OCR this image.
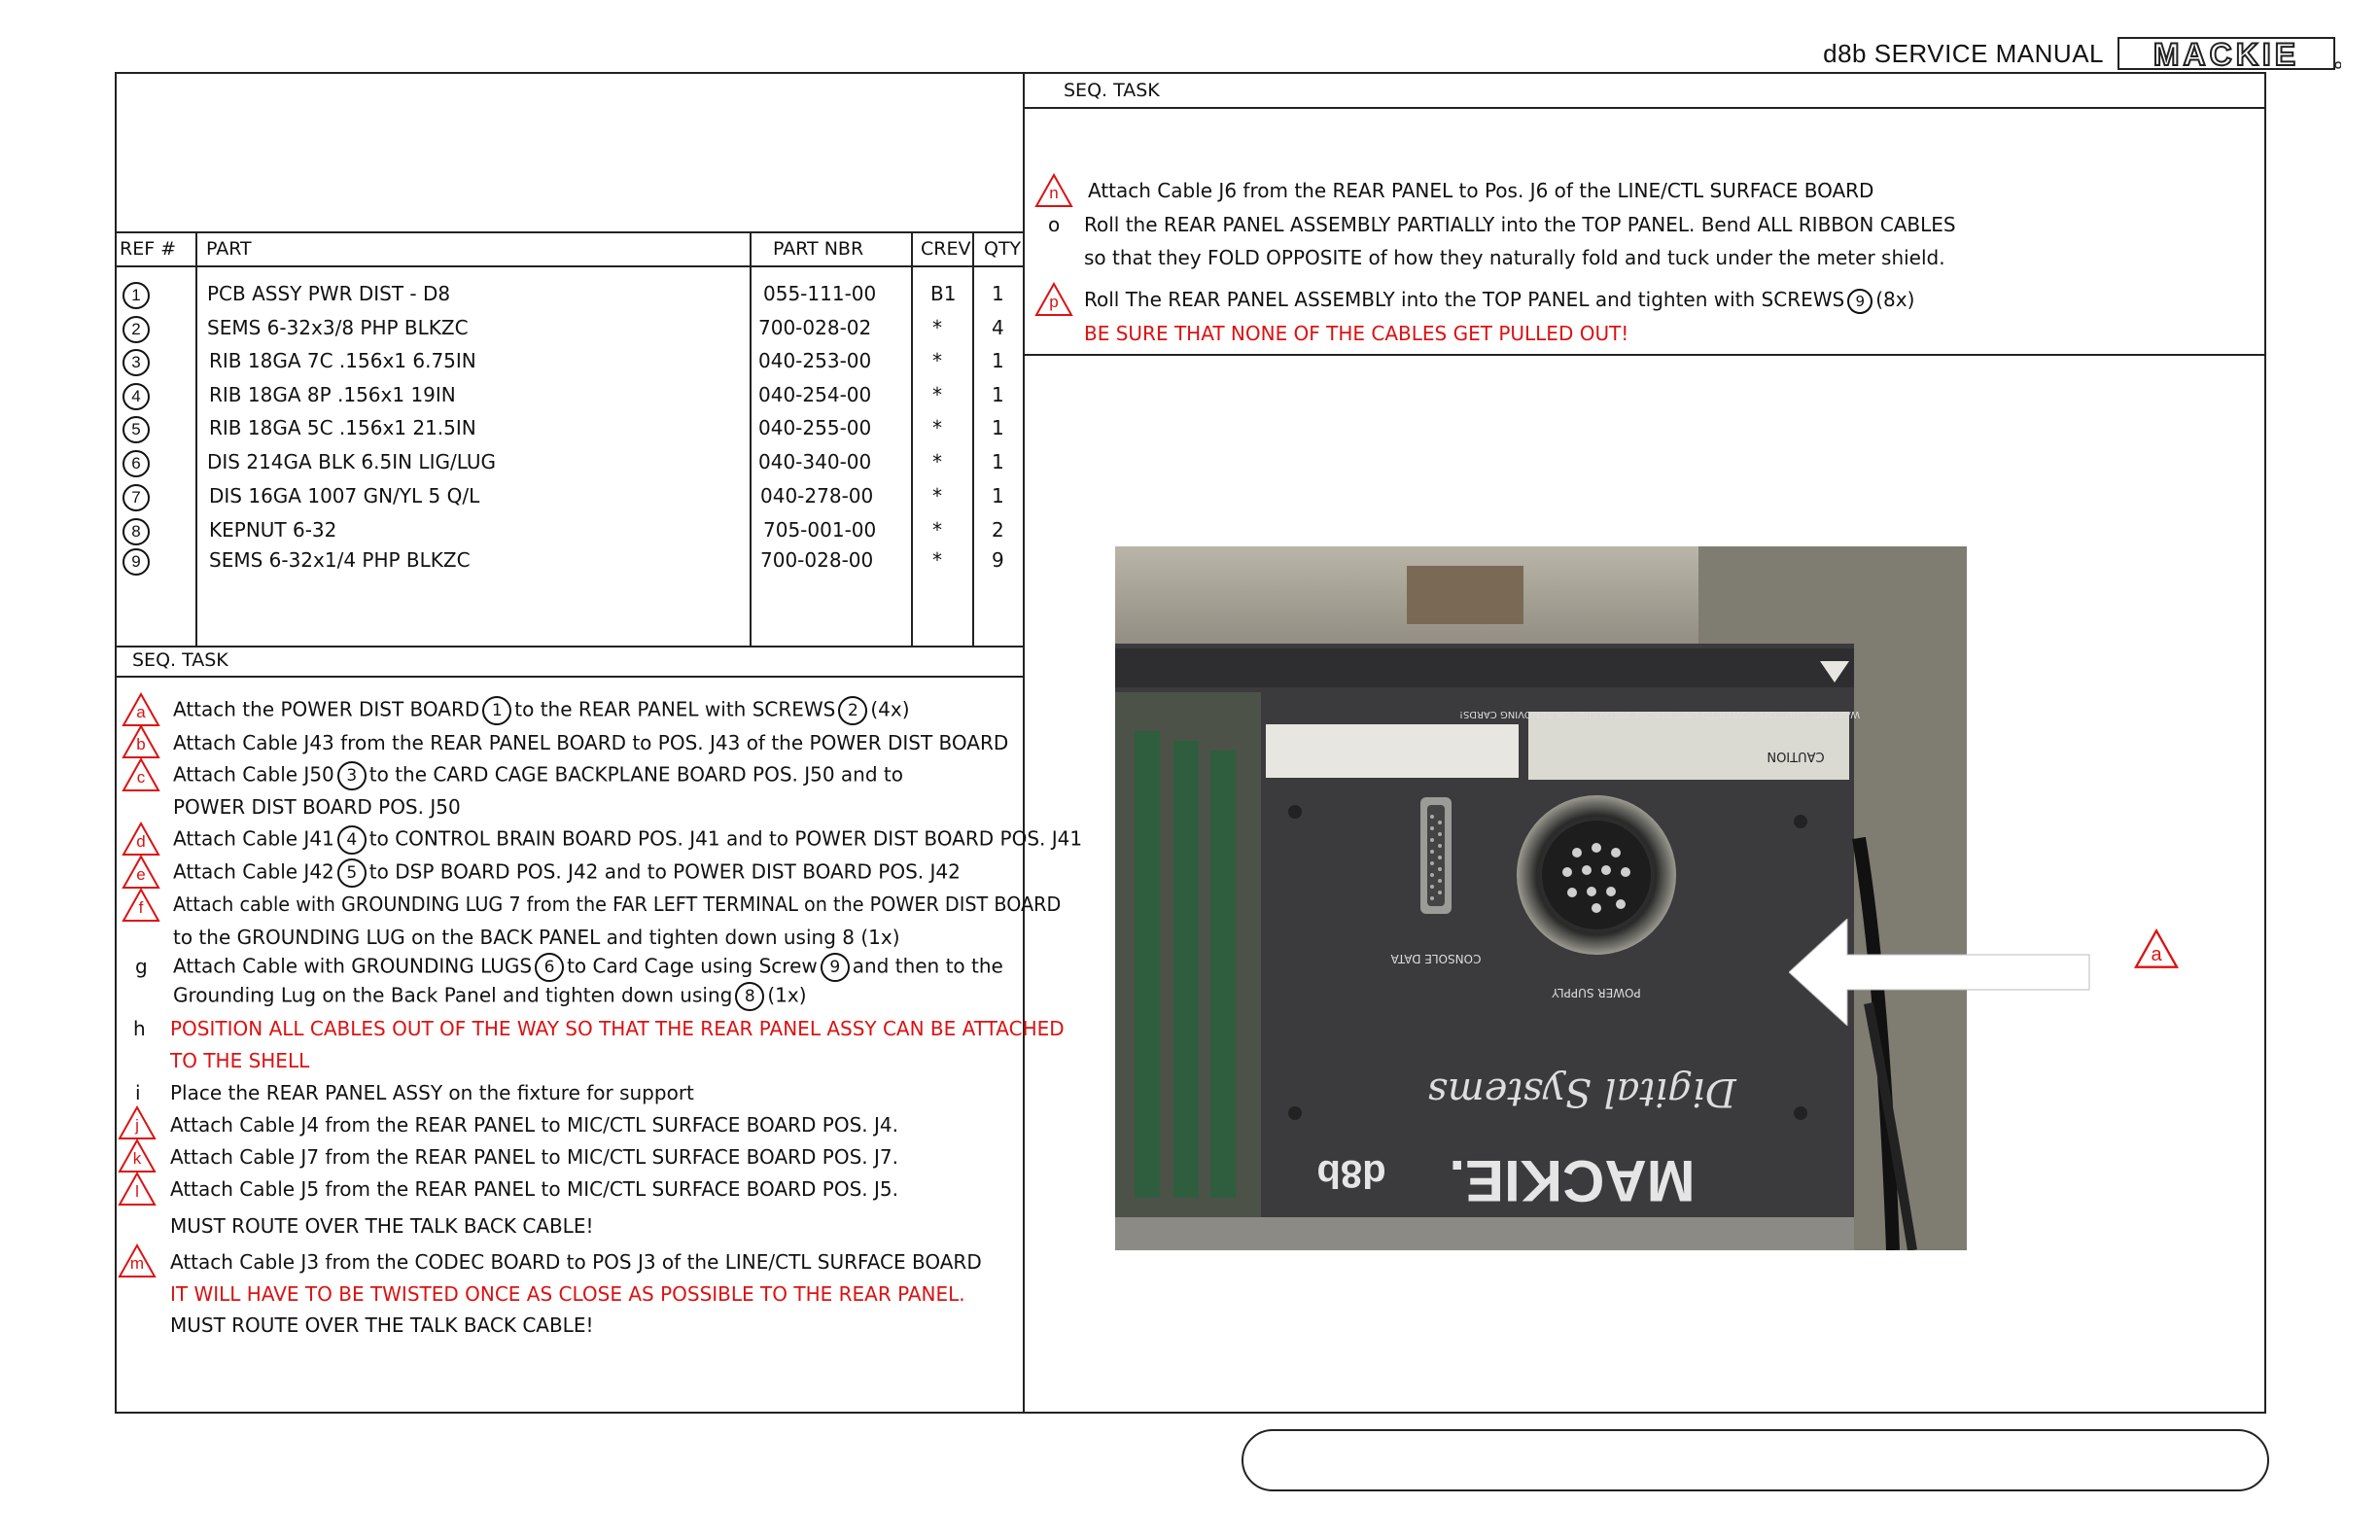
d8b SERVICE MANUAL MACKIE
REF # PART	PART NBR	CREV QTY
1	PCB ASSY PWR DIST - D8	055-111-00	B1 1
2	SEMS 6-32x3/8 PHP BLKZC	700-028-02	*	4
3	RIB 18GA 7C .156x1 6.75IN	040-253-00	*	1
4	RIB 18GA 8P .156x1 19IN	040-254-00	*	1
5	RIB 18GA 5C .156x1 21.5IN	040-255-00	*	1
6	DIS 214GA BLK 6.5IN LIG/LUG	040-340-00	*	1
7	DIS 16GA 1007 GN/YL 5 Q/L	040-278-00	*	1
8	KEPNUT 6-32	705-001-00	*	2
9	SEMS 6-32x1/4 PHP BLKZC	700-028-00	*	9
SEQ. TASK
a	Attach the POWER DIST BOARD 1 to the REAR PANEL with SCREWS 2 (4x)
b	Attach Cable J43 from the REAR PANEL BOARD to POS. J43 of the POWER DIST BOARD
c	Attach Cable J50 3 to the CARD CAGE BACKPLANE BOARD POS. J50 and to
POWER DIST BOARD POS. J50
d	Attach Cable J41 4 to CONTROL BRAIN BOARD POS. J41 and to POWER DIST BOARD POS. J41
e	Attach Cable J42 5 to DSP BOARD POS. J42 and to POWER DIST BOARD POS. J42
f	Attach cable with GROUNDING LUG 7 from the FAR LEFT TERMINAL on the POWER DIST BOARD
to the GROUNDING LUG on the BACK PANEL and tighten down using 8 (1x)
g Attach Cable with GROUNDING LUGS 6 to Card Cage using Screw 9 and then to the
Grounding Lug on the Back Panel and tighten down using 8 (1x)
h POSITION ALL CABLES OUT OF THE WAY SO THAT THE REAR PANEL ASSY CAN BE ATTACHED
TO THE SHELL
i Place the REAR PANEL ASSY on the fixture for support
j	Attach Cable J4 from the REAR PANEL to MIC/CTL SURFACE BOARD POS. J4.
k	Attach Cable J7 from the REAR PANEL to MIC/CTL SURFACE BOARD POS. J7.
l	Attach Cable J5 from the REAR PANEL to MIC/CTL SURFACE BOARD POS. J5.
MUST ROUTE OVER THE TALK BACK CABLE!
m	Attach Cable J3 from the CODEC BOARD to POS J3 of the LINE/CTL SURFACE BOARD
IT WILL HAVE TO BE TWISTED ONCE AS CLOSE AS POSSIBLE TO THE REAR PANEL.
MUST ROUTE OVER THE TALK BACK CABLE!
SEQ. TASK
n	Attach Cable J6 from the REAR PANEL to Pos. J6 of the LINE/CTL SURFACE BOARD
o Roll the REAR PANEL ASSEMBLY PARTIALLY into the TOP PANEL. Bend ALL RIBBON CABLES
so that they FOLD OPPOSITE of how they naturally fold and tuck under the meter shield.
p	Roll The REAR PANEL ASSEMBLY into the TOP PANEL and tighten with SCREWS 9 (8x)
BE SURE THAT NONE OF THE CABLES GET PULLED OUT!
WARNING: SHUT OFF POWER TO UNIT BEFORE INSTALLING OR REMOVING CARDS!
CAUTION
CONSOLE DATA
POWER SUPPLY
Digital Systems
MACKIE.
d8b
a
